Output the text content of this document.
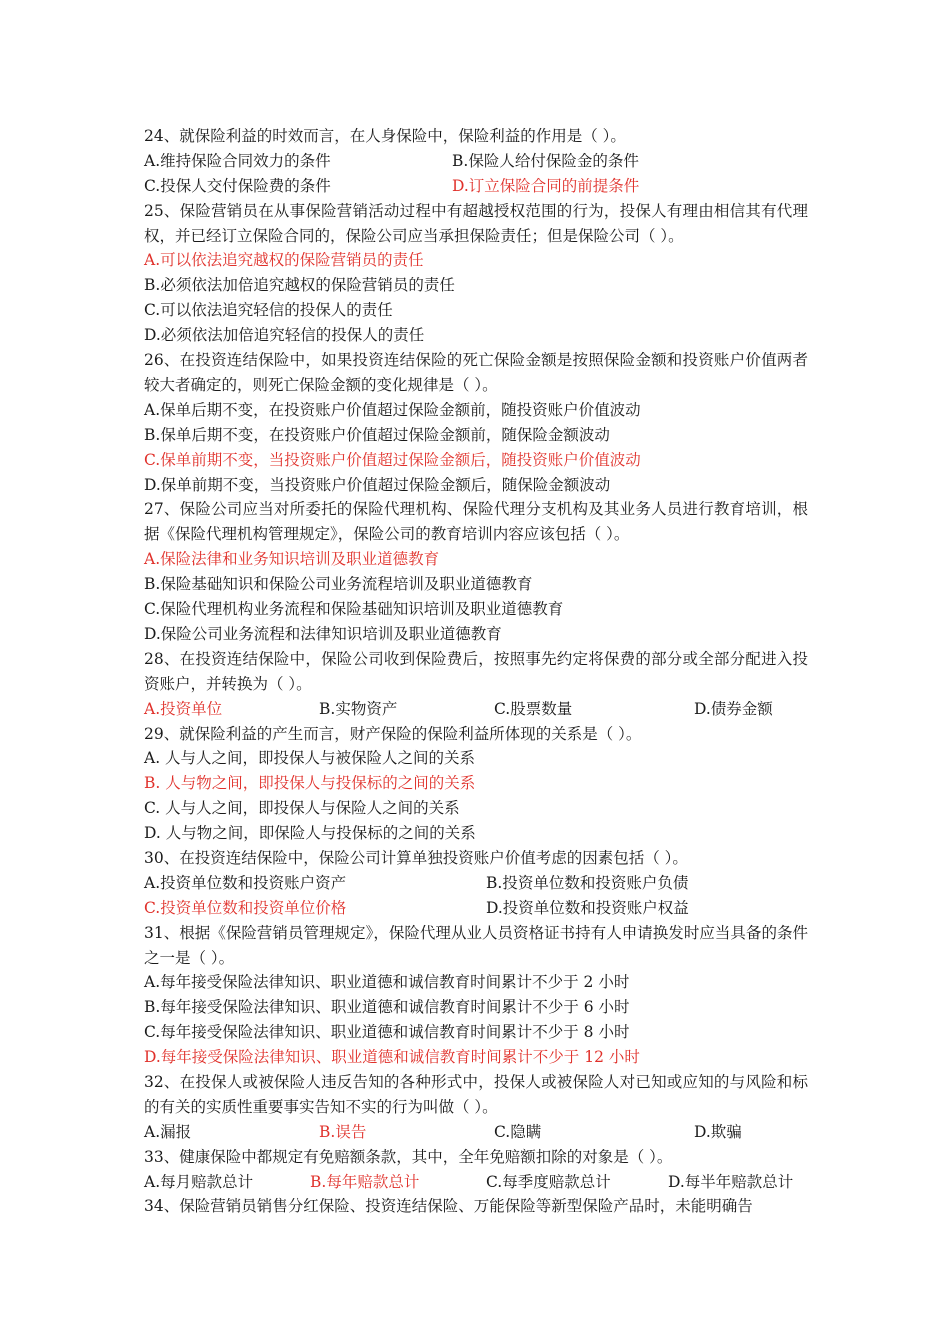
24、就保险利益的时效而言，在人身保险中，保险利益的作用是（ ）。
A.维持保险合同效力的条件	B.保险人给付保险金的条件
C.投保人交付保险费的条件	D.订立保险合同的前提条件
25、保险营销员在从事保险营销活动过程中有超越授权范围的行为，投保人有理由相信其有代理权，并已经订立保险合同的，保险公司应当承担保险责任；但是保险公司（ ）。
A.可以依法追究越权的保险营销员的责任
B.必须依法加倍追究越权的保险营销员的责任
C.可以依法追究轻信的投保人的责任
D.必须依法加倍追究轻信的投保人的责任
26、在投资连结保险中，如果投资连结保险的死亡保险金额是按照保险金额和投资账户价值两者较大者确定的，则死亡保险金额的变化规律是（ ）。
A.保单后期不变，在投资账户价值超过保险金额前，随投资账户价值波动
B.保单后期不变，在投资账户价值超过保险金额前，随保险金额波动
C.保单前期不变，当投资账户价值超过保险金额后，随投资账户价值波动
D.保单前期不变，当投资账户价值超过保险金额后，随保险金额波动
27、保险公司应当对所委托的保险代理机构、保险代理分支机构及其业务人员进行教育培训，根据《保险代理机构管理规定》，保险公司的教育培训内容应该包括（ ）。
A.保险法律和业务知识培训及职业道德教育
B.保险基础知识和保险公司业务流程培训及职业道德教育
C.保险代理机构业务流程和保险基础知识培训及职业道德教育
D.保险公司业务流程和法律知识培训及职业道德教育
28、在投资连结保险中，保险公司收到保险费后，按照事先约定将保费的部分或全部分配进入投资账户，并转换为（ ）。
A.投资单位	B.实物资产	C.股票数量	D.债券金额
29、就保险利益的产生而言，财产保险的保险利益所体现的关系是（ ）。
A. 人与人之间，即投保人与被保险人之间的关系
B. 人与物之间，即投保人与投保标的之间的关系
C. 人与人之间，即投保人与保险人之间的关系
D. 人与物之间，即保险人与投保标的之间的关系
30、在投资连结保险中，保险公司计算单独投资账户价值考虑的因素包括（ ）。
A.投资单位数和投资账户资产	B.投资单位数和投资账户负债
C.投资单位数和投资单位价格	D.投资单位数和投资账户权益
31、根据《保险营销员管理规定》，保险代理从业人员资格证书持有人申请换发时应当具备的条件之一是（ ）。
A.每年接受保险法律知识、职业道德和诚信教育时间累计不少于 2 小时
B.每年接受保险法律知识、职业道德和诚信教育时间累计不少于 6 小时
C.每年接受保险法律知识、职业道德和诚信教育时间累计不少于 8 小时
D.每年接受保险法律知识、职业道德和诚信教育时间累计不少于 12 小时
32、在投保人或被保险人违反告知的各种形式中，投保人或被保险人对已知或应知的与风险和标的有关的实质性重要事实告知不实的行为叫做（ ）。
A.漏报	B.误告	C.隐瞒	D.欺骗
33、健康保险中都规定有免赔额条款，其中，全年免赔额扣除的对象是（ ）。
A.每月赔款总计	B.每年赔款总计	C.每季度赔款总计	D.每半年赔款总计
34、保险营销员销售分红保险、投资连结保险、万能保险等新型保险产品时，未能明确告
